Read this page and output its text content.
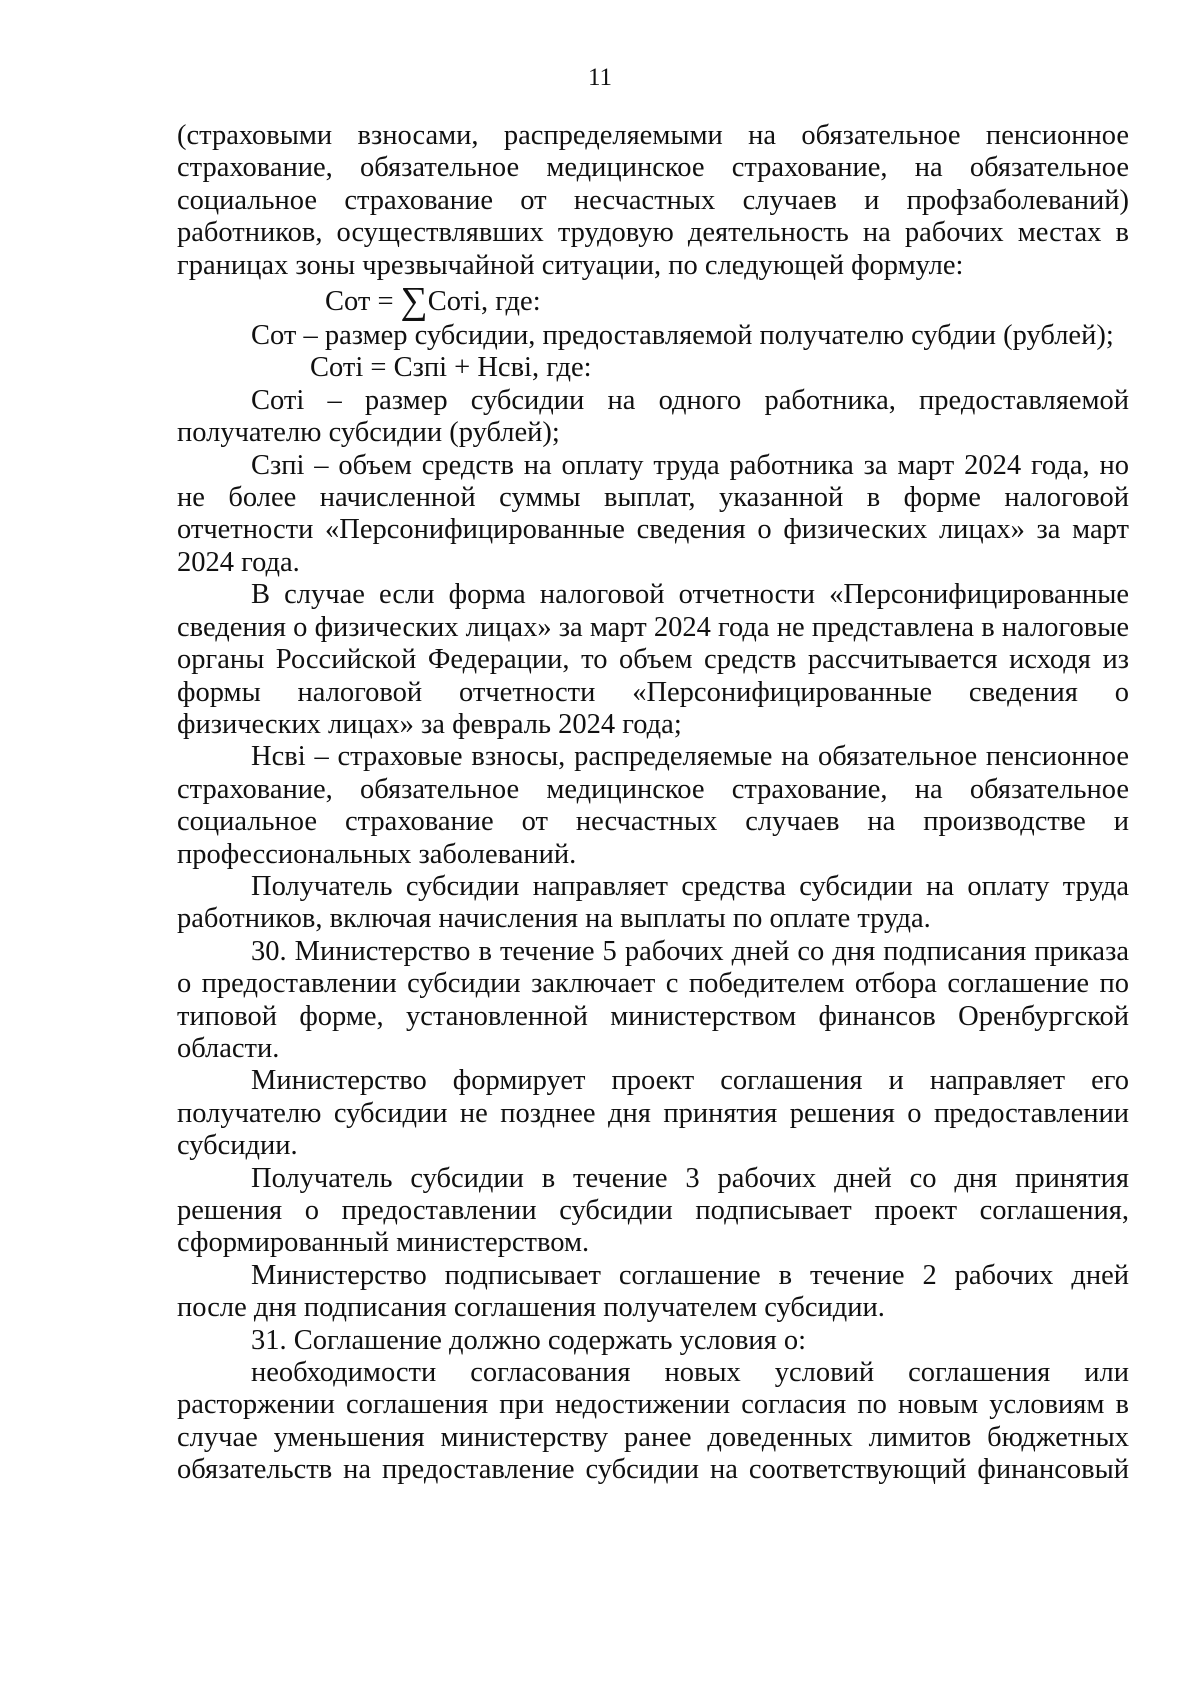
11

(страховыми взносами, распределяемыми на обязательное пенсионное страхование, обязательное медицинское страхование, на обязательное социальное страхование от несчастных случаев и профзаболеваний) работников, осуществлявших трудовую деятельность на рабочих местах в границах зоны чрезвычайной ситуации, по следующей формуле:

Сот = ∑Сотi, где:

Сот – размер субсидии, предоставляемой получателю субдии (рублей);

Сотi = Сзпi + Нсвi, где:

Сотi – размер субсидии на одного работника, предоставляемой получателю субсидии (рублей);

Сзпi – объем средств на оплату труда работника за март 2024 года, но не более начисленной суммы выплат, указанной в форме налоговой отчетности «Персонифицированные сведения о физических лицах» за март 2024 года.

В случае если форма налоговой отчетности «Персонифицированные сведения о физических лицах» за март 2024 года не представлена в налоговые органы Российской Федерации, то объем средств рассчитывается исходя из формы налоговой отчетности «Персонифицированные сведения о физических лицах» за февраль 2024 года;

Нсвi – страховые взносы, распределяемые на обязательное пенсионное страхование, обязательное медицинское страхование, на обязательное социальное страхование от несчастных случаев на производстве и профессиональных заболеваний.

Получатель субсидии направляет средства субсидии на оплату труда работников, включая начисления на выплаты по оплате труда.

30. Министерство в течение 5 рабочих дней со дня подписания приказа о предоставлении субсидии заключает с победителем отбора соглашение по типовой форме, установленной министерством финансов Оренбургской области.

Министерство формирует проект соглашения и направляет его получателю субсидии не позднее дня принятия решения о предоставлении субсидии.

Получатель субсидии в течение 3 рабочих дней со дня принятия решения о предоставлении субсидии подписывает проект соглашения, сформированный министерством.

Министерство подписывает соглашение в течение 2 рабочих дней после дня подписания соглашения получателем субсидии.

31. Соглашение должно содержать условия о:

необходимости согласования новых условий соглашения или расторжении соглашения при недостижении согласия по новым условиям в случае уменьшения министерству ранее доведенных лимитов бюджетных обязательств на предоставление субсидии на соответствующий финансовый
